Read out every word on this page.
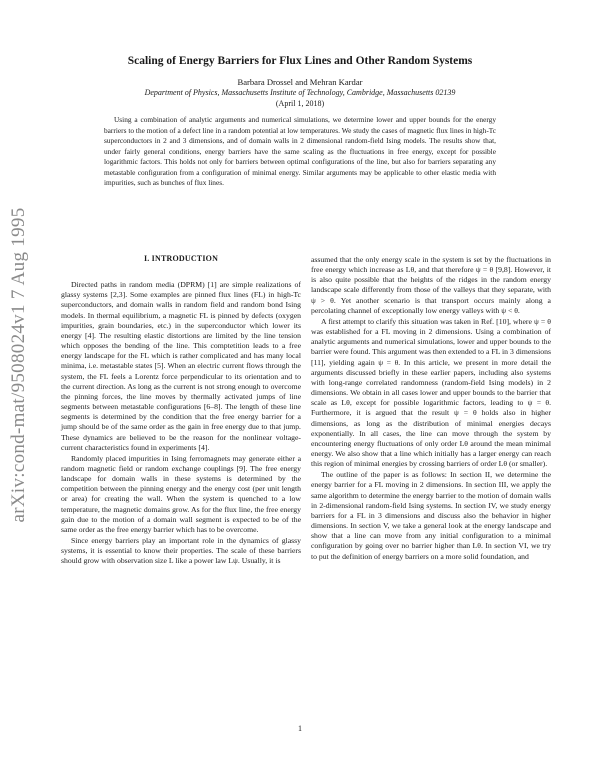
arXiv:cond-mat/9508024v1 7 Aug 1995
Scaling of Energy Barriers for Flux Lines and Other Random Systems
Barbara Drossel and Mehran Kardar
Department of Physics, Massachusetts Institute of Technology, Cambridge, Massachusetts 02139
(April 1, 2018)

Using a combination of analytic arguments and numerical simulations, we determine lower and upper bounds for the energy barriers to the motion of a defect line in a random potential at low temperatures. We study the cases of magnetic flux lines in high-Tc superconductors in 2 and 3 dimensions, and of domain walls in 2 dimensional random-field Ising models. The results show that, under fairly general conditions, energy barriers have the same scaling as the fluctuations in free energy, except for possible logarithmic factors. This holds not only for barriers between optimal configurations of the line, but also for barriers separating any metastable configuration from a configuration of minimal energy. Similar arguments may be applicable to other elastic media with impurities, such as bunches of flux lines.

I. INTRODUCTION

Directed paths in random media (DPRM) [1] are simple realizations of glassy systems [2,3]. Some examples are pinned flux lines (FL) in high-Tc superconductors, and domain walls in random field and random bond Ising models. In thermal equilibrium, a magnetic FL is pinned by defects (oxygen impurities, grain boundaries, etc.) in the superconductor which lower its energy [4]. The resulting elastic distortions are limited by the line tension which opposes the bending of the line. This comptetition leads to a free energy landscape for the FL which is rather complicated and has many local minima, i.e. metastable states [5]. When an electric current flows through the system, the FL feels a Lorentz force perpendicular to its orientation and to the current direction. As long as the current is not strong enough to overcome the pinning forces, the line moves by thermally activated jumps of line segments between metastable configurations [6–8]. The length of these line segments is determined by the condition that the free energy barrier for a jump should be of the same order as the gain in free energy due to that jump. These dynamics are believed to be the reason for the nonlinear voltage-current characteristics found in experiments [4].

Randomly placed impurities in Ising ferromagnets may generate either a random magnetic field or random exchange couplings [9]. The free energy landscape for domain walls in these systems is determined by the competition between the pinning energy and the energy cost (per unit length or area) for creating the wall. When the system is quenched to a low temperature, the magnetic domains grow. As for the flux line, the free energy gain due to the motion of a domain wall segment is expected to be of the same order as the free energy barrier which has to be overcome.

Since energy barriers play an important role in the dynamics of glassy systems, it is essential to know their properties. The scale of these barriers should grow with observation size L like a power law Lψ. Usually, it is

assumed that the only energy scale in the system is set by the fluctuations in free energy which increase as Lθ, and that therefore ψ = θ [9,8]. However, it is also quite possible that the heights of the ridges in the random energy landscape scale differently from those of the valleys that they separate, with ψ > θ. Yet another scenario is that transport occurs mainly along a percolating channel of exceptionally low energy valleys with ψ < θ.

A first attempt to clarify this situation was taken in Ref. [10], where ψ = θ was established for a FL moving in 2 dimensions. Using a combination of analytic arguments and numerical simulations, lower and upper bounds to the barrier were found. This argument was then extended to a FL in 3 dimensions [11], yielding again ψ = θ. In this article, we present in more detail the arguments discussed briefly in these earlier papers, including also systems with long-range correlated randomness (random-field Ising models) in 2 dimensions. We obtain in all cases lower and upper bounds to the barrier that scale as Lθ, except for possible logarithmic factors, leading to ψ = θ. Furthermore, it is argued that the result ψ = θ holds also in higher dimensions, as long as the distribution of minimal energies decays exponentially. In all cases, the line can move through the system by encountering energy fluctuations of only order Lθ around the mean minimal energy. We also show that a line which initially has a larger energy can reach this region of minimal energies by crossing barriers of order Lθ (or smaller).

The outline of the paper is as follows: In section II, we determine the energy barrier for a FL moving in 2 dimensions. In section III, we apply the same algorithm to determine the energy barrier to the motion of domain walls in 2-dimensional random-field Ising systems. In section IV, we study energy barriers for a FL in 3 dimensions and discuss also the behavior in higher dimensions. In section V, we take a general look at the energy landscape and show that a line can move from any initial configuration to a minimal configuration by going over no barrier higher than Lθ. In section VI, we try to put the definition of energy barriers on a more solid foundation, and

1
